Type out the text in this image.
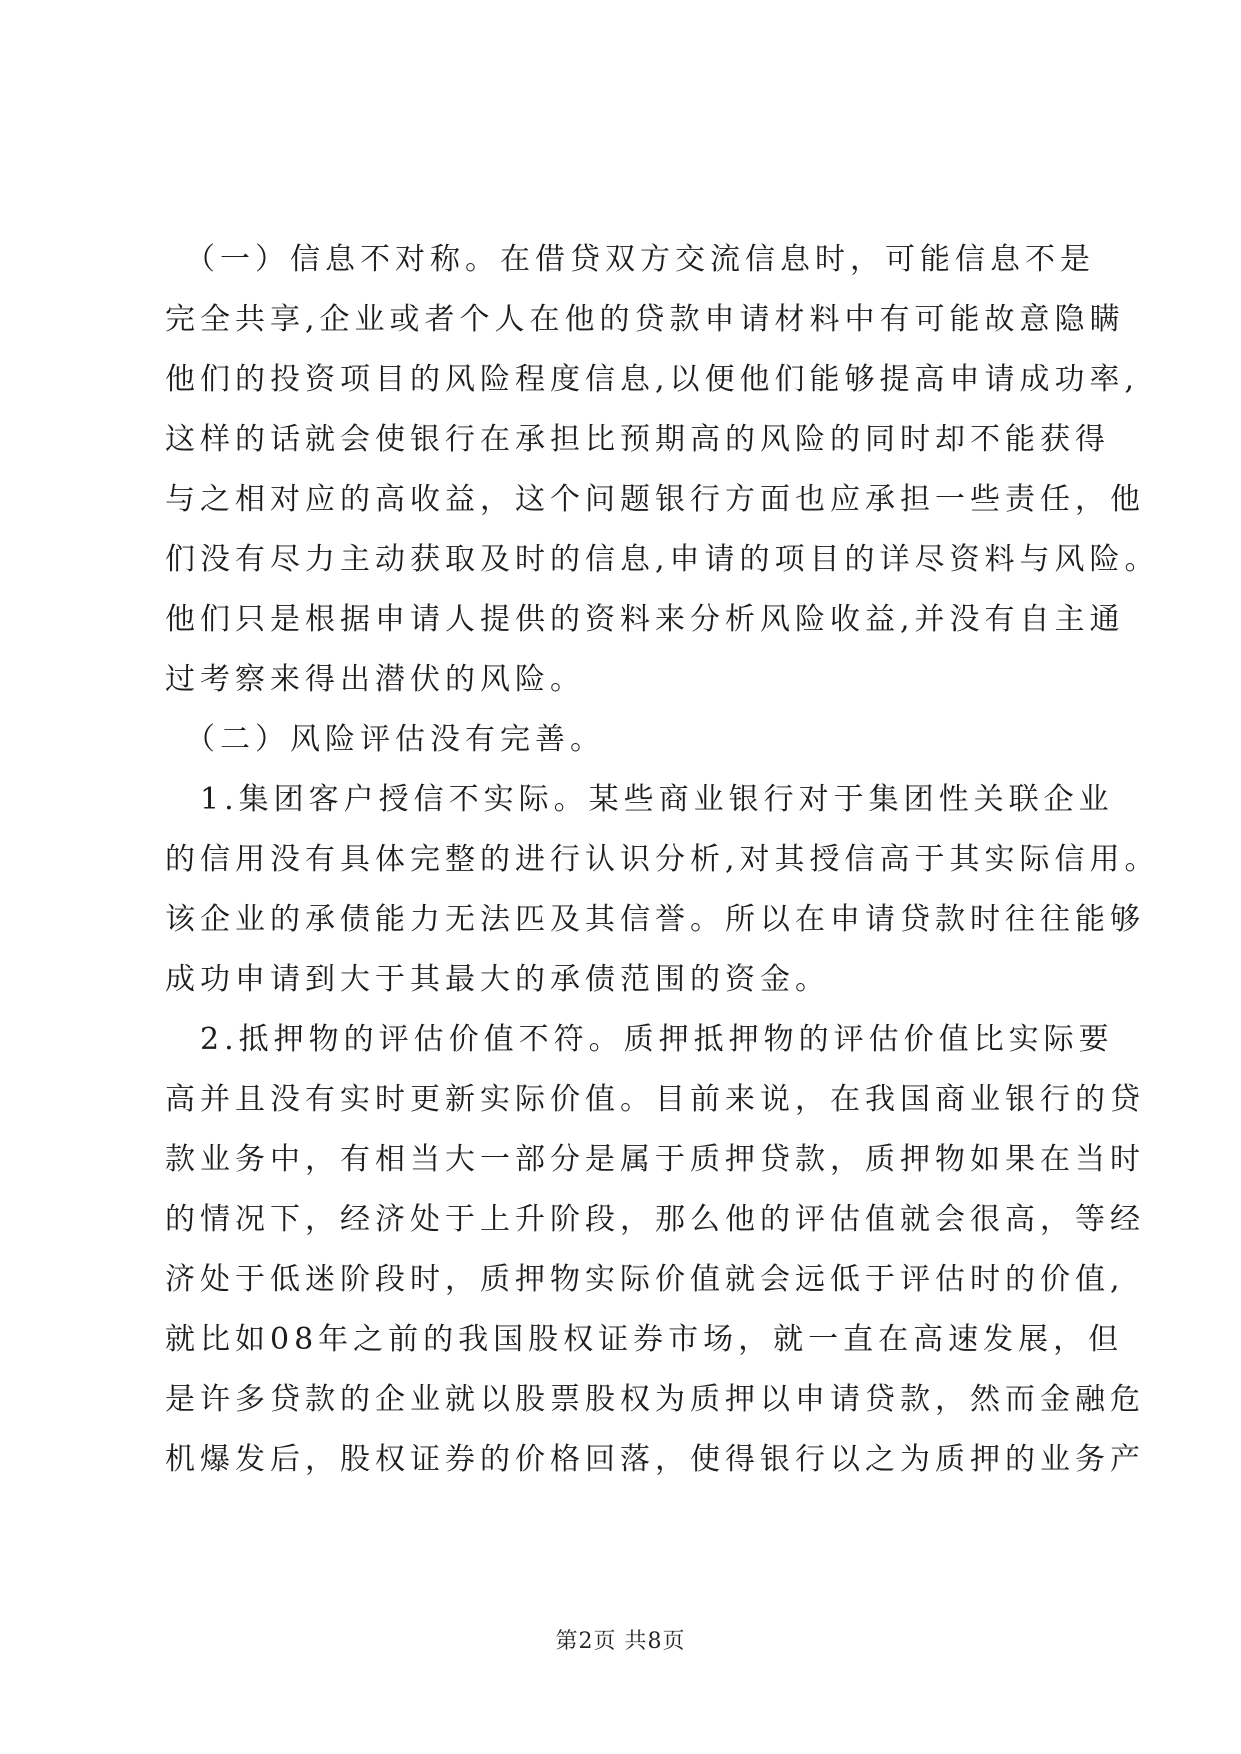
　（一）信息不对称。在借贷双方交流信息时，可能信息不是
完全共享,企业或者个人在他的贷款申请材料中有可能故意隐瞒
他们的投资项目的风险程度信息,以便他们能够提高申请成功率,
这样的话就会使银行在承担比预期高的风险的同时却不能获得
与之相对应的高收益，这个问题银行方面也应承担一些责任，他
们没有尽力主动获取及时的信息,申请的项目的详尽资料与风险。
他们只是根据申请人提供的资料来分析风险收益,并没有自主通
过考察来得出潜伏的风险。
　（二）风险评估没有完善。
　1.集团客户授信不实际。某些商业银行对于集团性关联企业
的信用没有具体完整的进行认识分析,对其授信高于其实际信用。
该企业的承债能力无法匹及其信誉。所以在申请贷款时往往能够
成功申请到大于其最大的承债范围的资金。
　2.抵押物的评估价值不符。质押抵押物的评估价值比实际要
高并且没有实时更新实际价值。目前来说，在我国商业银行的贷
款业务中，有相当大一部分是属于质押贷款，质押物如果在当时
的情况下，经济处于上升阶段，那么他的评估值就会很高，等经
济处于低迷阶段时，质押物实际价值就会远低于评估时的价值,
就比如08年之前的我国股权证券市场，就一直在高速发展，但
是许多贷款的企业就以股票股权为质押以申请贷款，然而金融危
机爆发后，股权证券的价格回落，使得银行以之为质押的业务产
第2页 共8页
